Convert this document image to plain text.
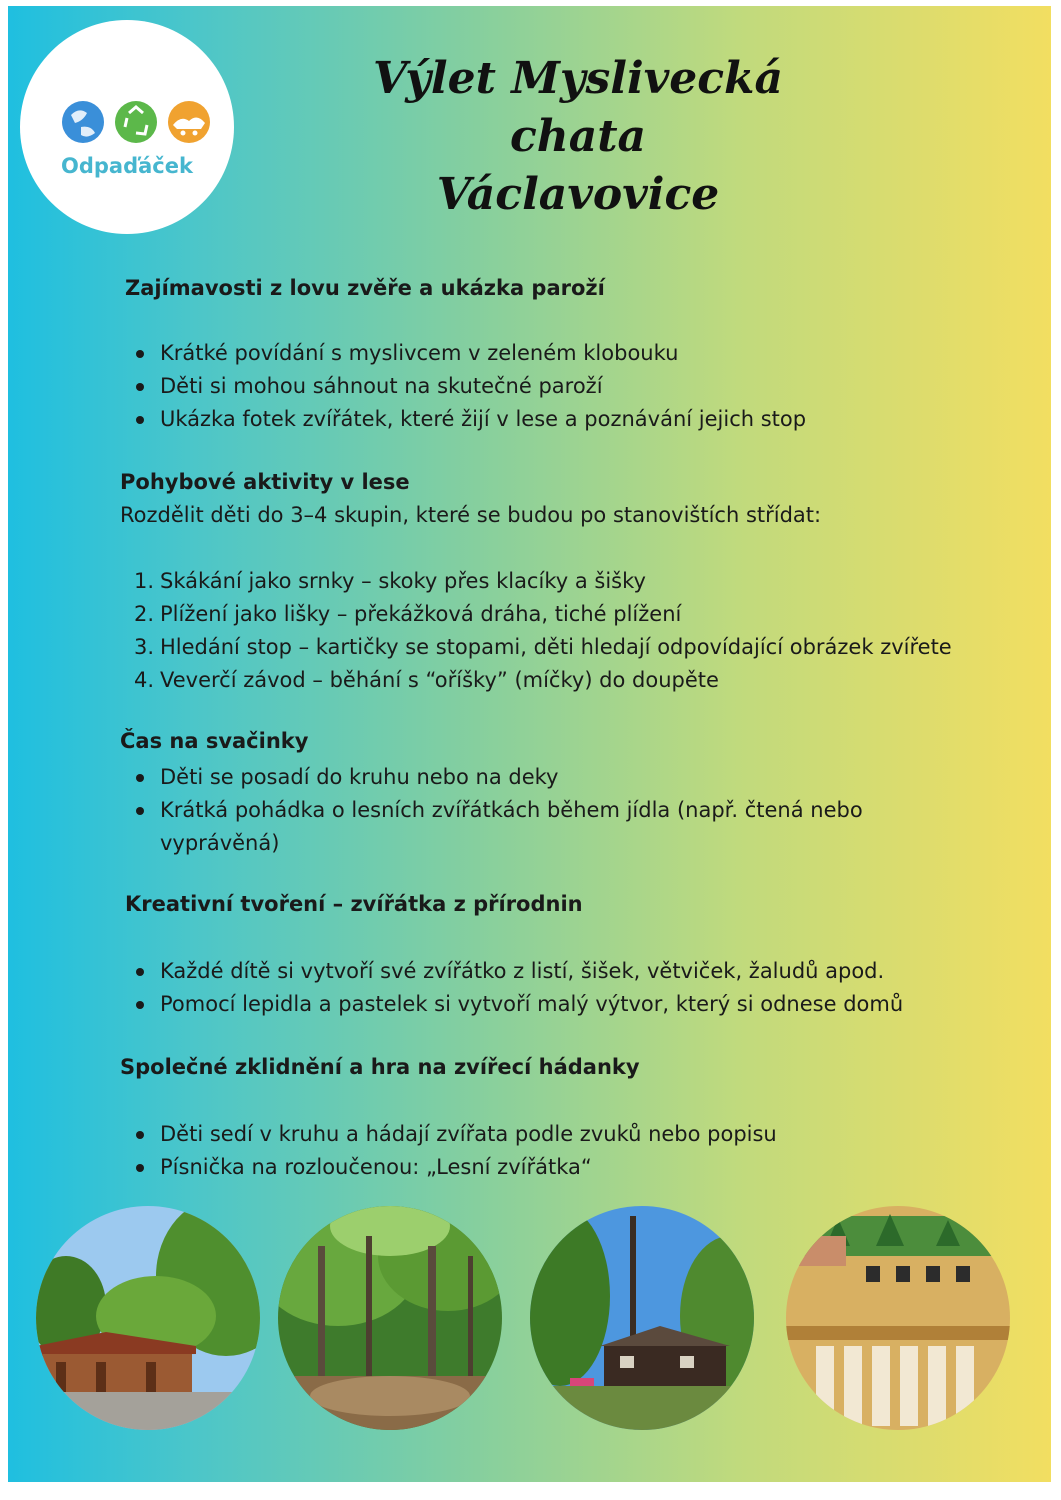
Odpaďáček
Výlet Myslivecká chata
Václavovice
Zajímavosti z lovu zvěře a ukázka paroží
Krátké povídání s myslivcem v zeleném klobouku
Děti si mohou sáhnout na skutečné paroží
Ukázka fotek zvířátek, které žijí v lese a poznávání jejich stop
Pohybové aktivity v lese
Rozdělit děti do 3–4 skupin, které se budou po stanovištích střídat:
1. Skákání jako srnky – skoky přes klacíky a šišky
2. Plížení jako lišky – překážková dráha, tiché plížení
3. Hledání stop – kartičky se stopami, děti hledají odpovídající obrázek zvířete
4. Veverčí závod – běhání s “oříšky” (míčky) do doupěte
Čas na svačinky
Děti se posadí do kruhu nebo na deky
Krátká pohádka o lesních zvířátkách během jídla (např. čtená nebo vyprávěná)
Kreativní tvoření – zvířátka z přírodnin
Každé dítě si vytvoří své zvířátko z listí, šišek, větviček, žaludů apod.
Pomocí lepidla a pastelek si vytvoří malý výtvor, který si odnese domů
Společné zklidnění a hra na zvířecí hádanky
Děti sedí v kruhu a hádají zvířata podle zvuků nebo popisu
Písnička na rozloučenou: „Lesní zvířátka“
